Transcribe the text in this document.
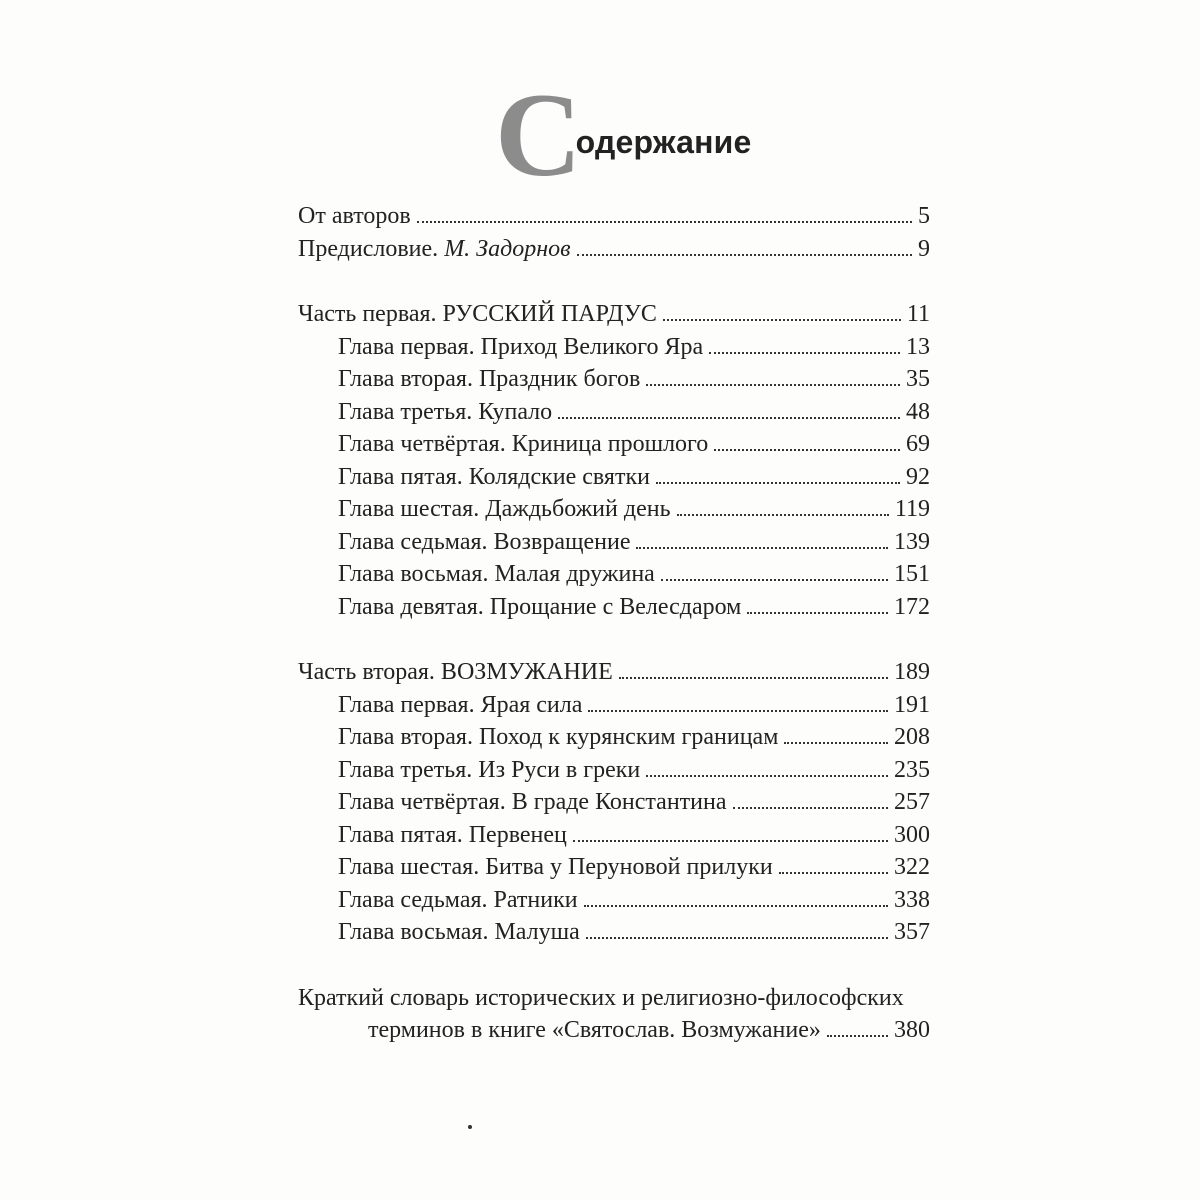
С
одержание
От авторов	5
Предисловие. М. Задорнов	9
Часть первая. РУССКИЙ ПАРДУС	11
Глава первая. Приход Великого Яра	13
Глава вторая. Праздник богов	35
Глава третья. Купало	48
Глава четвёртая. Криница прошлого	69
Глава пятая. Колядские святки	92
Глава шестая. Даждьбожий день	119
Глава седьмая. Возвращение	139
Глава восьмая. Малая дружина	151
Глава девятая. Прощание с Велесдаром	172
Часть вторая. ВОЗМУЖАНИЕ	189
Глава первая. Ярая сила	191
Глава вторая. Поход к курянским границам	208
Глава третья. Из Руси в греки	235
Глава четвёртая. В граде Константина	257
Глава пятая. Первенец	300
Глава шестая. Битва у Перуновой прилуки	322
Глава седьмая. Ратники	338
Глава восьмая. Малуша	357
Краткий словарь исторических и религиозно-философских
терминов в книге «Святослав. Возмужание»	380
